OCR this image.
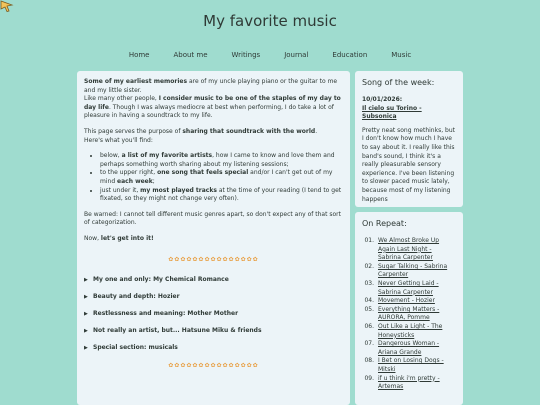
My favorite music
Home	About me	Writings	Journal	Education	Music

Some of my earliest memories are of my uncle playing piano or the guitar to me and my little sister.
Like many other people, I consider music to be one of the staples of my day to day life. Though I was always mediocre at best when performing, I do take a lot of pleasure in having a soundtrack to my life.

This page serves the purpose of sharing that soundtrack with the world.
Here's what you'll find:

• below, a list of my favorite artists, how I came to know and love them and perhaps something worth sharing about my listening sessions;
• to the upper right, one song that feels special and/or I can't get out of my mind each week;
• just under it, my most played tracks at the time of your reading (I tend to get fixated, so they might not change very often).

Be warned: I cannot tell different music genres apart, so don't expect any of that sort of categorization.

Now, let's get into it!

✿✿✿✿✿✿✿✿✿✿✿✿✿✿✿
▶ My one and only: My Chemical Romance
▶ Beauty and depth: Hozier
▶ Restlessness and meaning: Mother Mother
▶ Not really an artist, but... Hatsune Miku & friends
▶ Special section: musicals
✿✿✿✿✿✿✿✿✿✿✿✿✿✿✿
Song of the week:
10/01/2026:
Il cielo su Torino - Subsonica
Pretty neat song methinks, but I don't know how much I have to say about it. I really like this band's sound, I think it's a really pleasurable sensory experience. I've been listening to slower paced music lately, because most of my listening happens
On Repeat:
01. We Almost Broke Up Again Last Night - Sabrina Carpenter
02. Sugar Talking - Sabrina Carpenter
03. Never Getting Laid - Sabrina Carpenter
04. Movement - Hozier
05. Everything Matters - AURORA, Pomme
06. Out Like a Light - The Honeysticks
07. Dangerous Woman - Ariana Grande
08. I Bet on Losing Dogs - Mitski
09. if u think i'm pretty - Artemas
